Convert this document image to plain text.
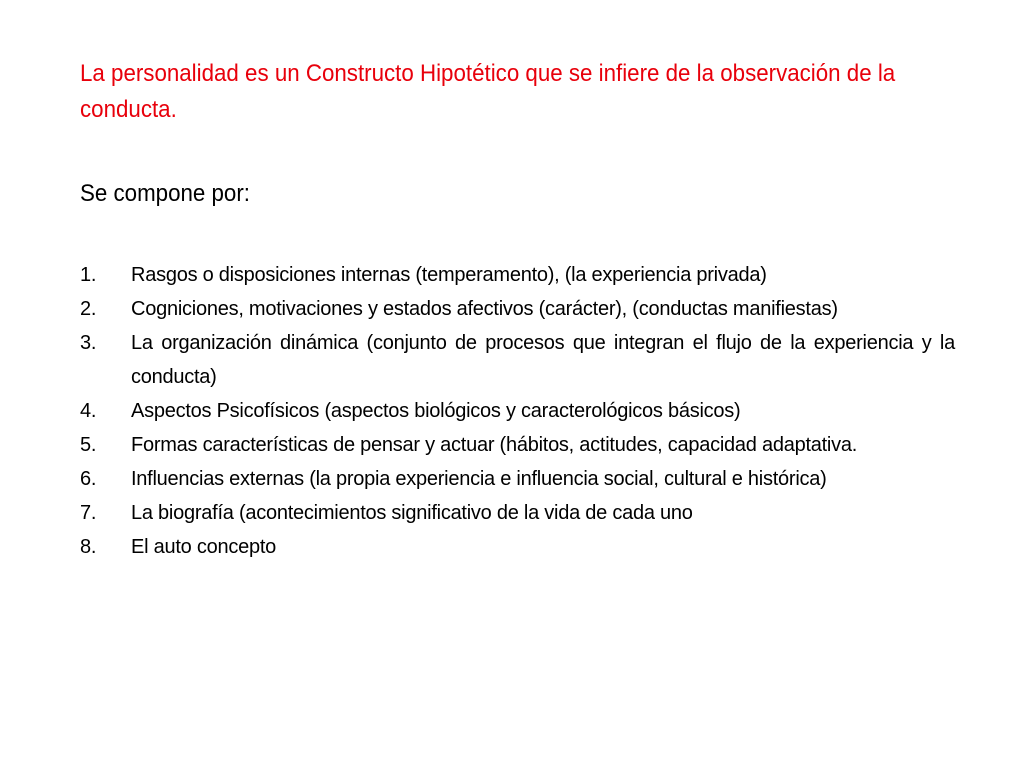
La personalidad es un Constructo Hipotético que se infiere de la observación de la conducta.

Se compone por:
1. Rasgos o disposiciones internas (temperamento), (la experiencia privada)
2. Cogniciones, motivaciones y estados afectivos (carácter), (conductas manifiestas)
3. La organización dinámica (conjunto de procesos que integran el flujo de la experiencia y la conducta)
4. Aspectos Psicofísicos (aspectos biológicos y caracterológicos básicos)
5. Formas características de pensar y actuar (hábitos, actitudes, capacidad adaptativa.
6. Influencias externas (la propia experiencia e influencia social, cultural e histórica)
7. La biografía (acontecimientos significativo de la vida de cada uno
8. El auto concepto
